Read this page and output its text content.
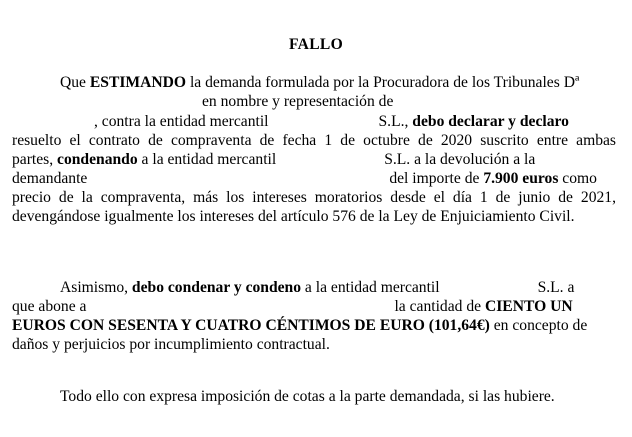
FALLO
Que ESTIMANDO la demanda formulada por la Procuradora de los Tribunales Dª
en nombre y representación de
, contra la entidad mercantil	S.L., debo declarar y declaro
resuelto el contrato de compraventa de fecha 1 de octubre de 2020 suscrito entre ambas
partes, condenando a la entidad mercantil	S.L. a la devolución a la
demandante	del importe de 7.900 euros como
precio de la compraventa, más los intereses moratorios desde el día 1 de junio de 2021,
devengándose igualmente los intereses del artículo 576 de la Ley de Enjuiciamiento Civil.
Asimismo, debo condenar y condeno a la entidad mercantil	S.L. a
que abone a	la cantidad de CIENTO UN
EUROS CON SESENTA Y CUATRO CÉNTIMOS DE EURO (101,64€) en concepto de
daños y perjuicios por incumplimiento contractual.
Todo ello con expresa imposición de cotas a la parte demandada, si las hubiere.
